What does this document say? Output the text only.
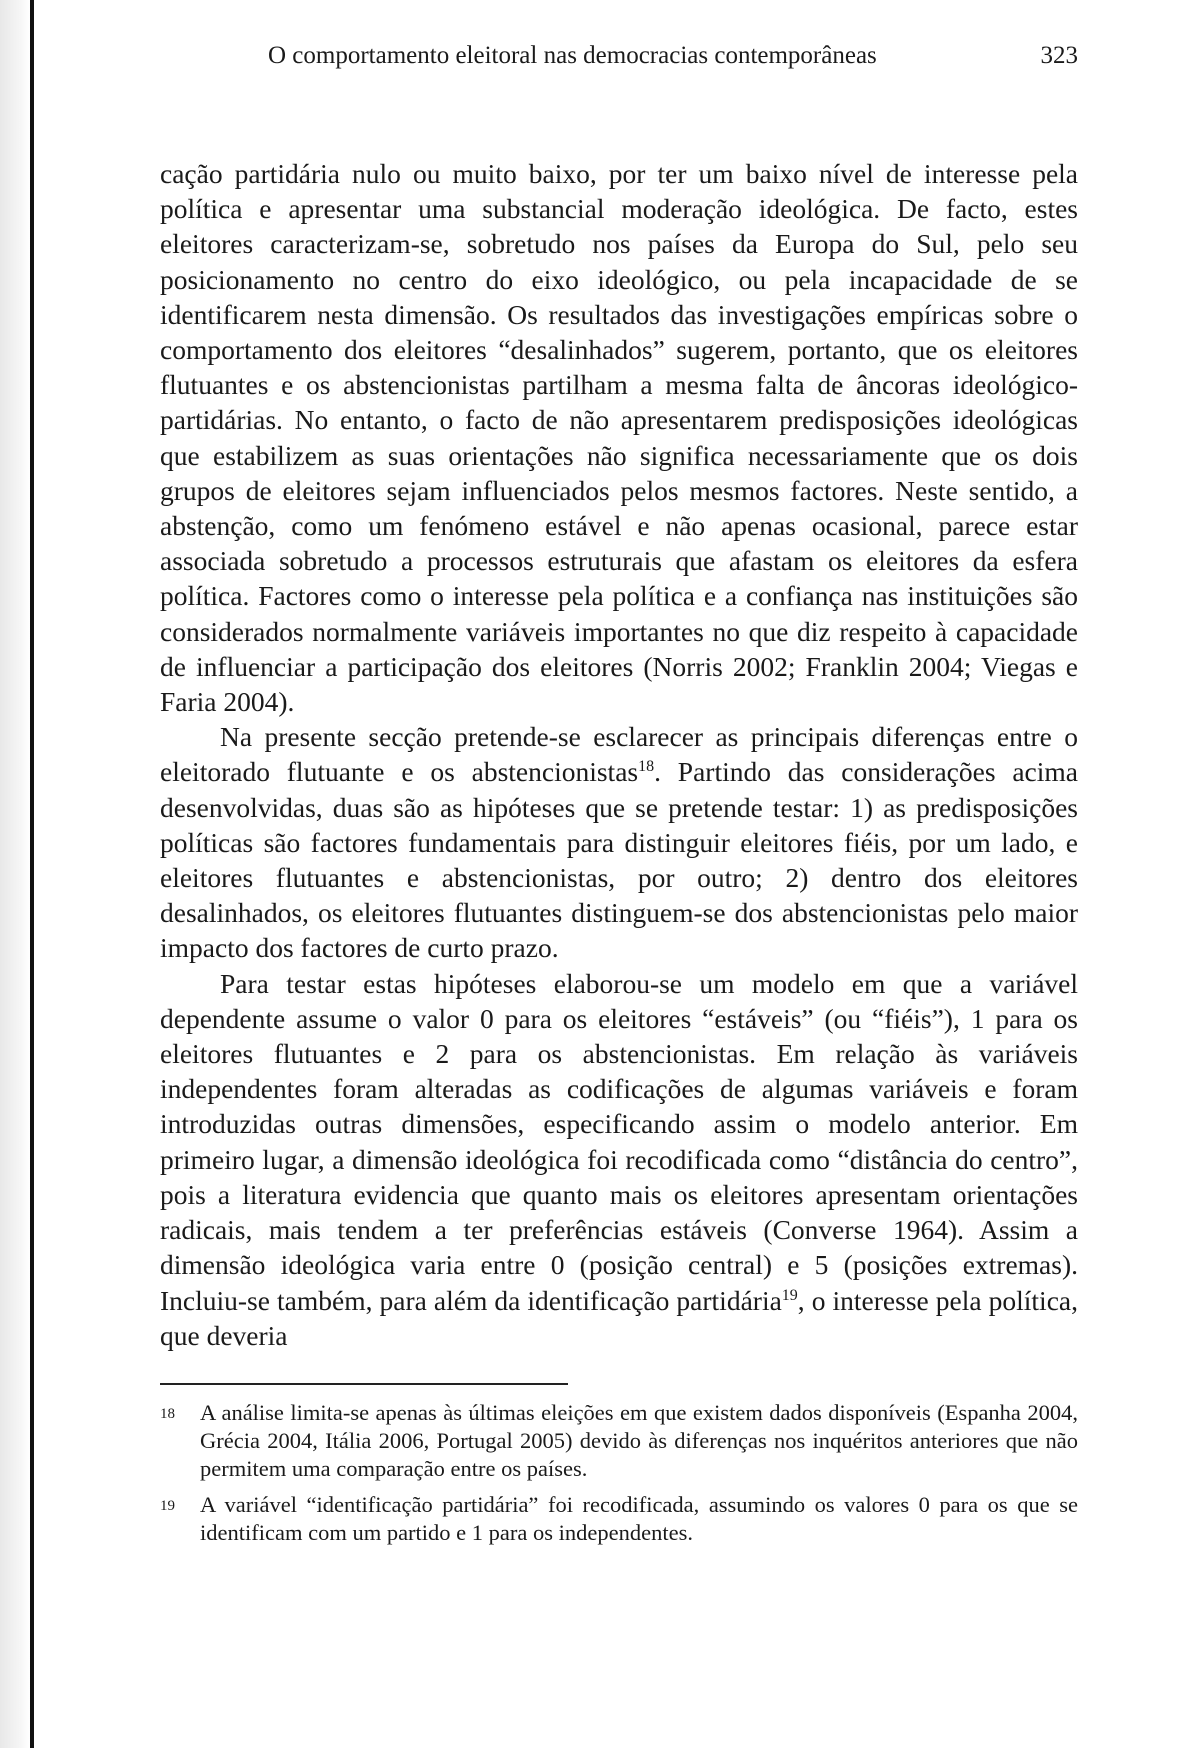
O comportamento eleitoral nas democracias contemporâneas	323

cação partidária nulo ou muito baixo, por ter um baixo nível de interesse pela política e apresentar uma substancial moderação ideológica. De facto, estes eleitores caracterizam-se, sobretudo nos países da Europa do Sul, pelo seu posicionamento no centro do eixo ideológico, ou pela incapacidade de se identificarem nesta dimensão. Os resultados das investigações empíricas sobre o comportamento dos eleitores “desalinhados” sugerem, portanto, que os eleitores flutuantes e os abstencionistas partilham a mesma falta de âncoras ideológico-partidárias. No entanto, o facto de não apresentarem predisposições ideológicas que estabilizem as suas orientações não significa necessariamente que os dois grupos de eleitores sejam influenciados pelos mesmos factores. Neste sentido, a abstenção, como um fenómeno estável e não apenas ocasional, parece estar associada sobretudo a processos estruturais que afastam os eleitores da esfera política. Factores como o interesse pela política e a confiança nas instituições são considerados normalmente variáveis importantes no que diz respeito à capacidade de influenciar a participação dos eleitores (Norris 2002; Franklin 2004; Viegas e Faria 2004).

Na presente secção pretende-se esclarecer as principais diferenças entre o eleitorado flutuante e os abstencionistas$^{18}$. Partindo das considerações acima desenvolvidas, duas são as hipóteses que se pretende testar: 1) as predisposições políticas são factores fundamentais para distinguir eleitores fiéis, por um lado, e eleitores flutuantes e abstencionistas, por outro; 2) dentro dos eleitores desalinhados, os eleitores flutuantes distinguem-se dos abstencionistas pelo maior impacto dos factores de curto prazo.

Para testar estas hipóteses elaborou-se um modelo em que a variável dependente assume o valor 0 para os eleitores “estáveis” (ou “fiéis”), 1 para os eleitores flutuantes e 2 para os abstencionistas. Em relação às variáveis independentes foram alteradas as codificações de algumas variáveis e foram introduzidas outras dimensões, especificando assim o modelo anterior. Em primeiro lugar, a dimensão ideológica foi recodificada como “distância do centro”, pois a literatura evidencia que quanto mais os eleitores apresentam orientações radicais, mais tendem a ter preferências estáveis (Converse 1964). Assim a dimensão ideológica varia entre 0 (posição central) e 5 (posições extremas). Incluiu-se também, para além da identificação partidária$^{19}$, o interesse pela política, que deveria

18 A análise limita-se apenas às últimas eleições em que existem dados disponíveis (Espanha 2004, Grécia 2004, Itália 2006, Portugal 2005) devido às diferenças nos inquéritos anteriores que não permitem uma comparação entre os países.
19 A variável “identificação partidária” foi recodificada, assumindo os valores 0 para os que se identificam com um partido e 1 para os independentes.
